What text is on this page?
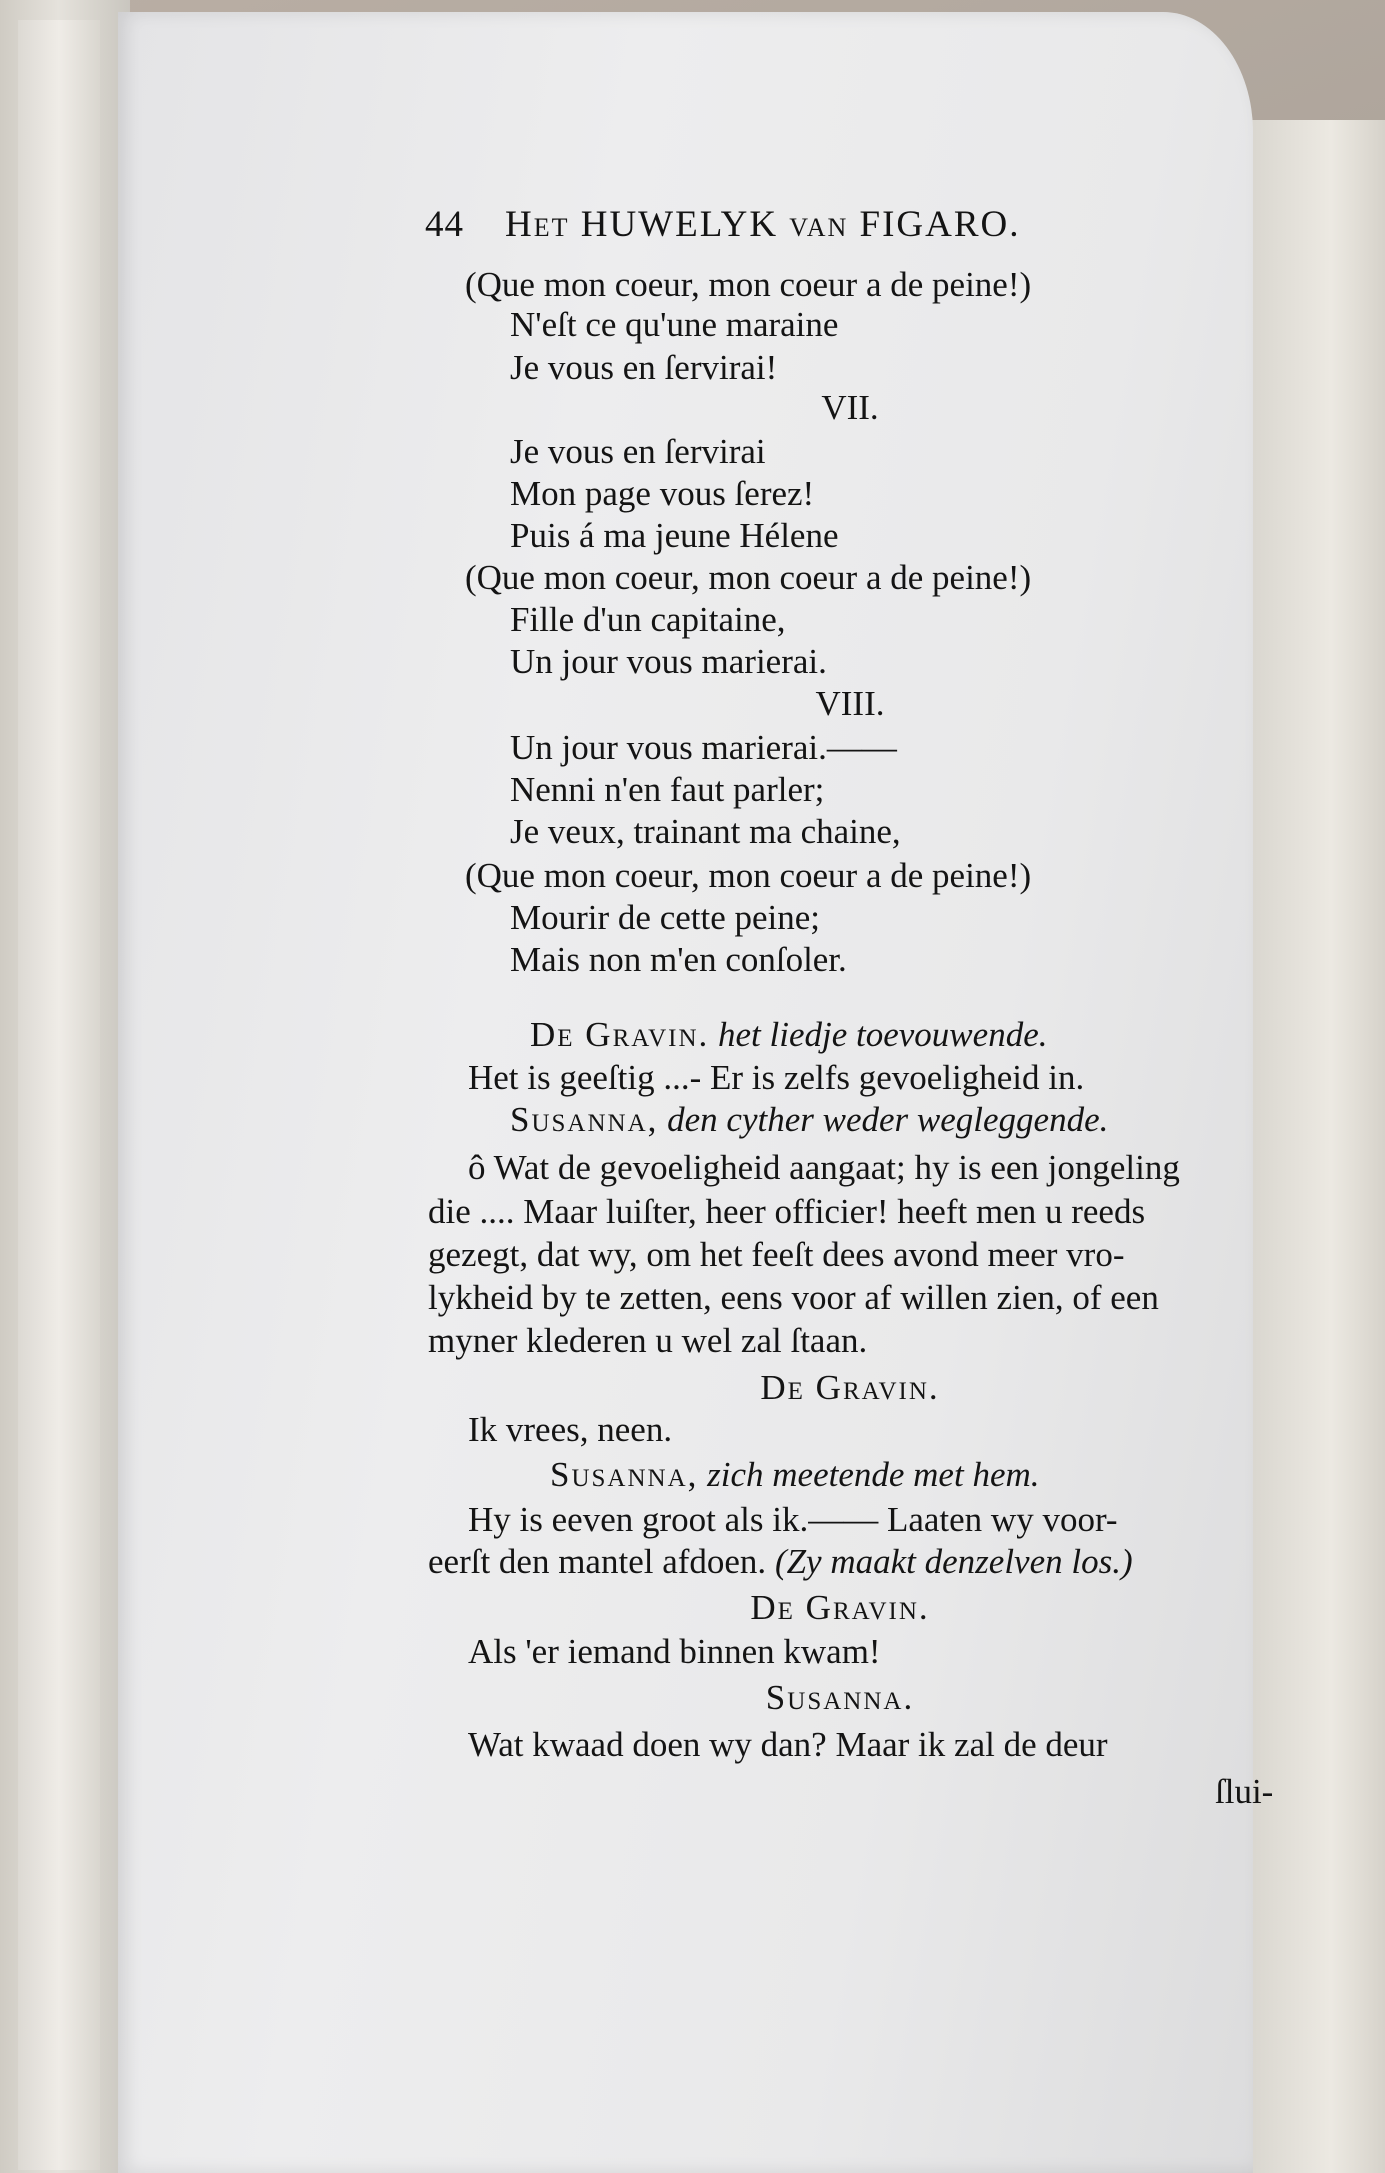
44 Het HUWELYK van FIGARO.
(Que mon coeur, mon coeur a de peine!)
N'eſt ce qu'une maraine
Je vous en ſervirai!
VII.
Je vous en ſervirai
Mon page vous ſerez!
Puis á ma jeune Hélene
(Que mon coeur, mon coeur a de peine!)
Fille d'un capitaine,
Un jour vous marierai.
VIII.
Un jour vous marierai.——
Nenni n'en faut parler;
Je veux, trainant ma chaine,
(Que mon coeur, mon coeur a de peine!)
Mourir de cette peine;
Mais non m'en conſoler.
De Gravin. het liedje toevouwende.
Het is geeſtig ...- Er is zelfs gevoeligheid in.
Susanna, den cyther weder wegleggende.
ô Wat de gevoeligheid aangaat; hy is een jongeling
die .... Maar luiſter, heer officier! heeft men u reeds
gezegt, dat wy, om het feeſt dees avond meer vro-
lykheid by te zetten, eens voor af willen zien, of een
myner klederen u wel zal ſtaan.
De Gravin.
Ik vrees, neen.
Susanna, zich meetende met hem.
Hy is eeven groot als ik.—— Laaten wy voor-
eerſt den mantel afdoen. (Zy maakt denzelven los.)
De Gravin.
Als 'er iemand binnen kwam!
Susanna.
Wat kwaad doen wy dan? Maar ik zal de deur
ſlui-
